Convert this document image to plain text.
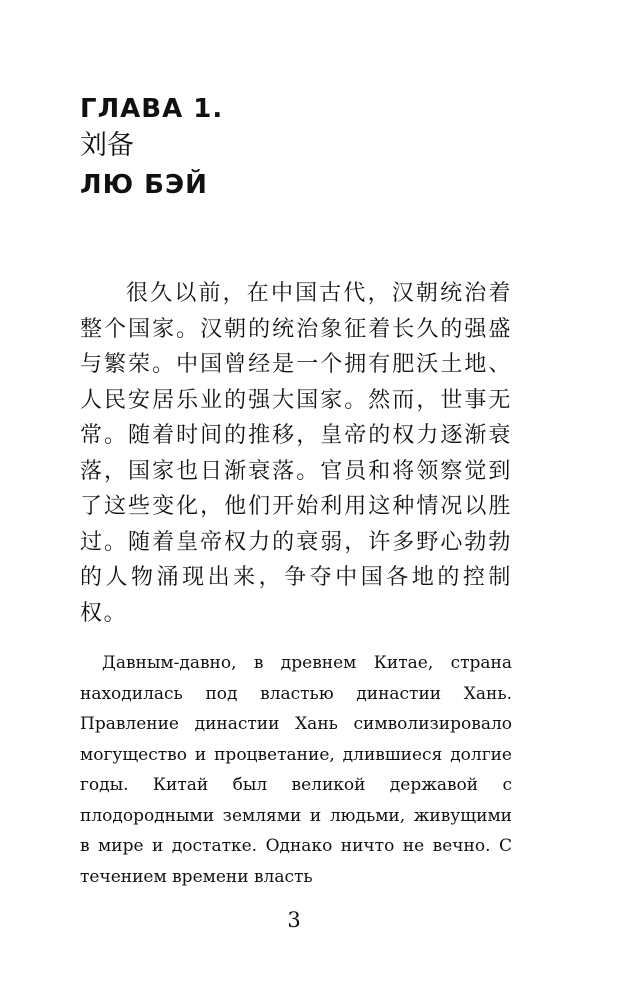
ГЛАВА 1.
刘备
ЛЮ БЭЙ

很久以前，在中国古代，汉朝统治着整个国家。汉朝的统治象征着长久的强盛与繁荣。中国曾经是一个拥有肥沃土地、人民安居乐业的强大国家。然而，世事无常。随着时间的推移，皇帝的权力逐渐衰落，国家也日渐衰落。官员和将领察觉到了这些变化，他们开始利用这种情况以胜过。随着皇帝权力的衰弱，许多野心勃勃的人物涌现出来，争夺中国各地的控制权。

Давным-давно, в древнем Китае, страна находилась под властью династии Хань. Правление династии Хань символизировало могущество и процветание, длившиеся долгие годы. Китай был великой державой с плодородными землями и людьми, живущими в мире и достатке. Однако ничто не вечно. С течением времени власть

3
